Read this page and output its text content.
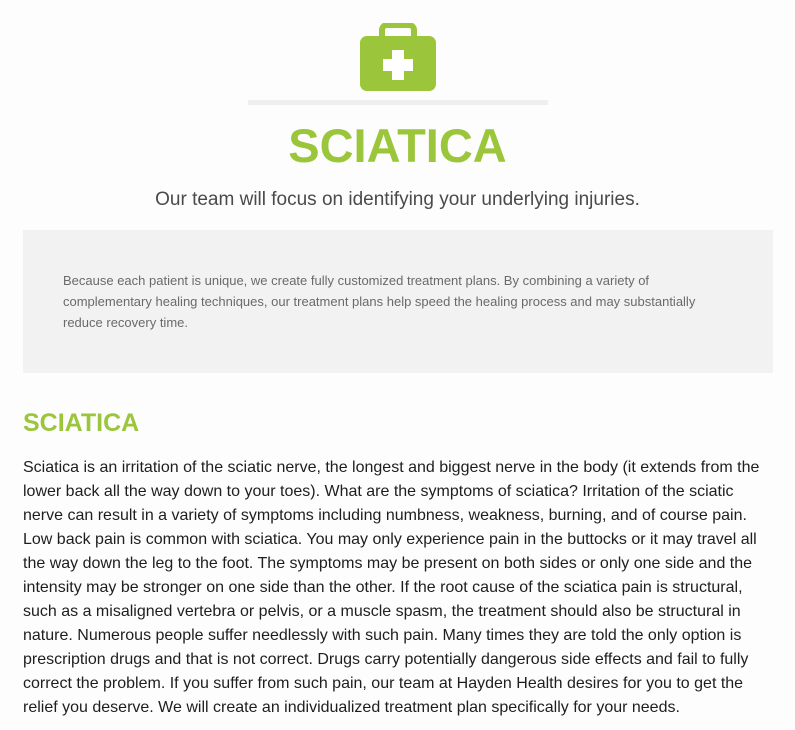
SCIATICA
Our team will focus on identifying your underlying injuries.
Because each patient is unique, we create fully customized treatment plans. By combining a variety of complementary healing techniques, our treatment plans help speed the healing process and may substantially reduce recovery time.
SCIATICA
Sciatica is an irritation of the sciatic nerve, the longest and biggest nerve in the body (it extends from the lower back all the way down to your toes). What are the symptoms of sciatica? Irritation of the sciatic nerve can result in a variety of symptoms including numbness, weakness, burning, and of course pain. Low back pain is common with sciatica. You may only experience pain in the buttocks or it may travel all the way down the leg to the foot. The symptoms may be present on both sides or only one side and the intensity may be stronger on one side than the other. If the root cause of the sciatica pain is structural, such as a misaligned vertebra or pelvis, or a muscle spasm, the treatment should also be structural in nature. Numerous people suffer needlessly with such pain. Many times they are told the only option is prescription drugs and that is not correct. Drugs carry potentially dangerous side effects and fail to fully correct the problem. If you suffer from such pain, our team at Hayden Health desires for you to get the relief you deserve. We will create an individualized treatment plan specifically for your needs.
